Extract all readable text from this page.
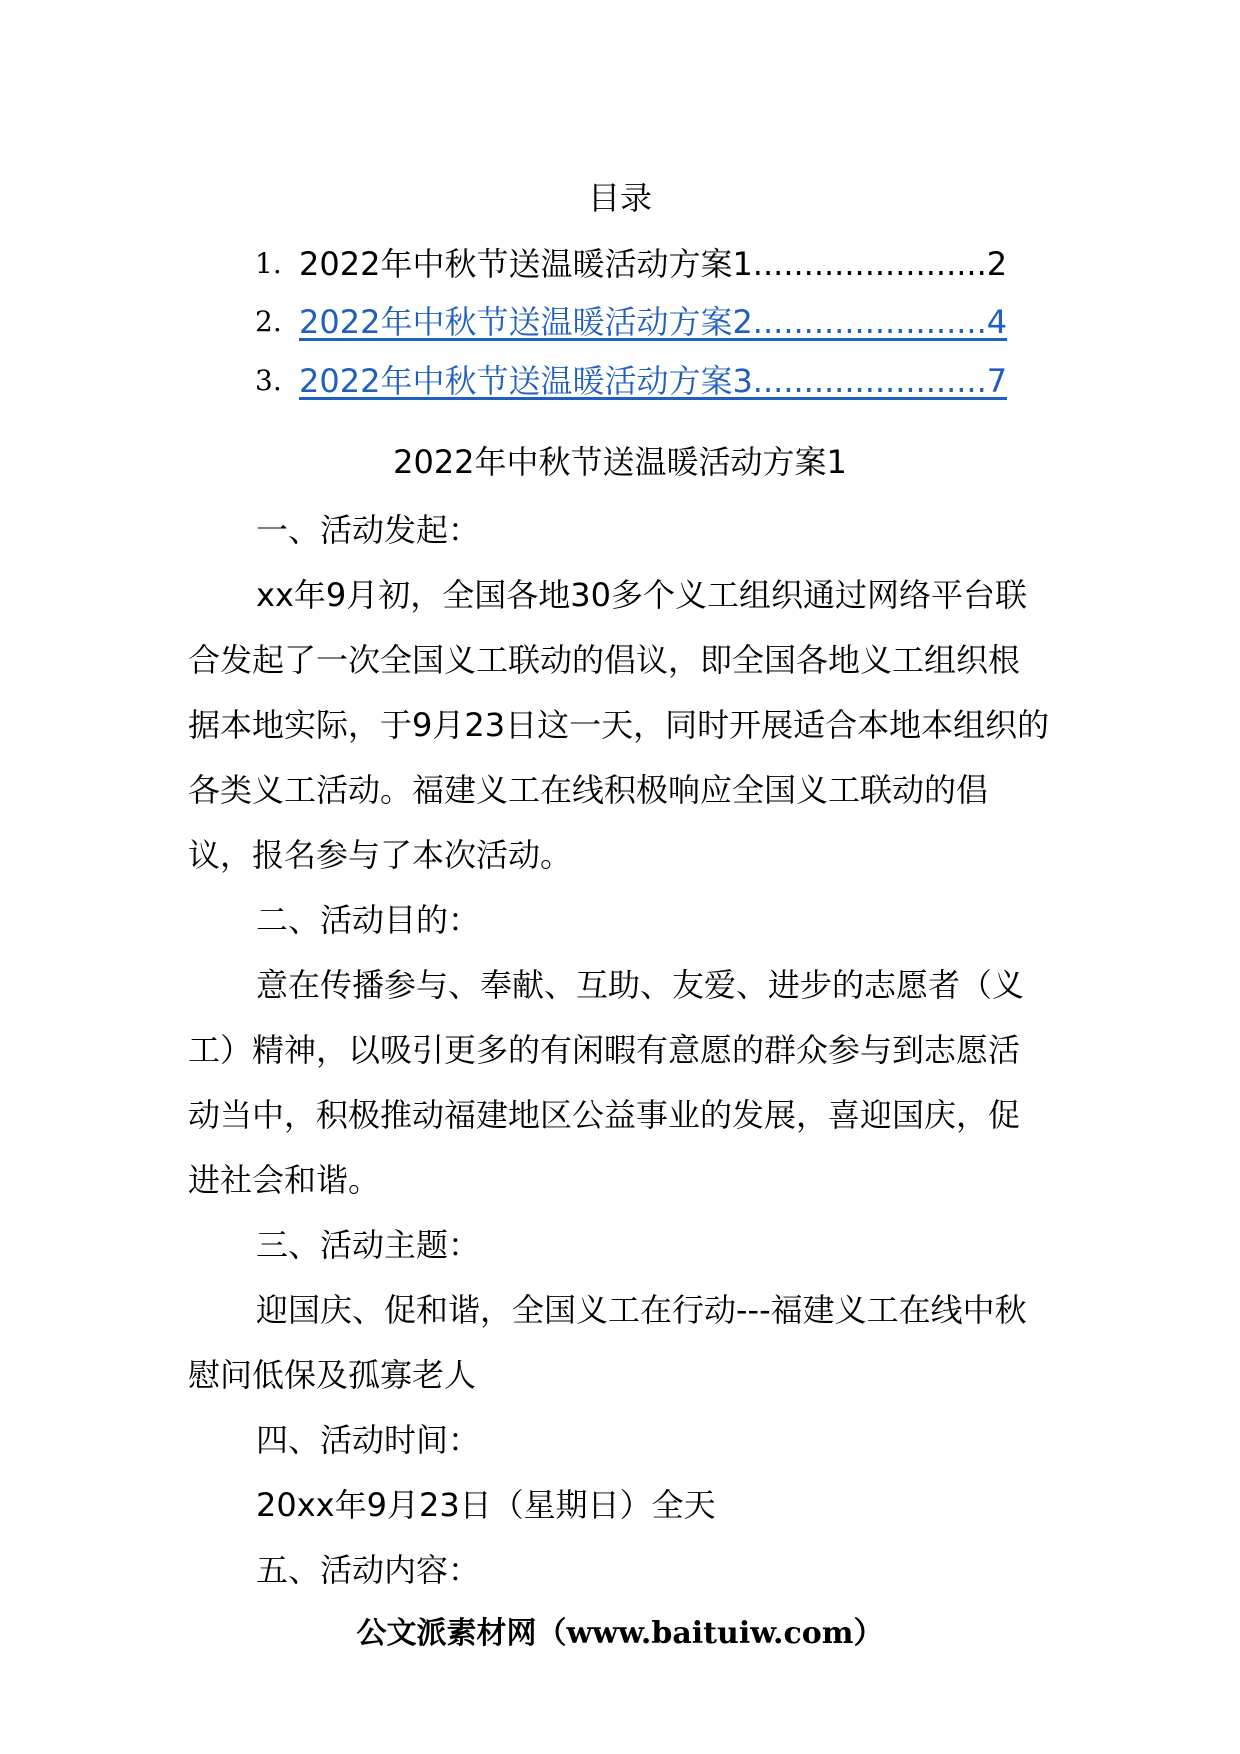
目录
1. 2022年中秋节送温暖活动方案1.......................2
2. 2022年中秋节送温暖活动方案2.......................4
3. 2022年中秋节送温暖活动方案3.......................7
2022年中秋节送温暖活动方案1
一、活动发起：
xx年9月初，全国各地30多个义工组织通过网络平台联合发起了一次全国义工联动的倡议，即全国各地义工组织根据本地实际，于9月23日这一天，同时开展适合本地本组织的各类义工活动。福建义工在线积极响应全国义工联动的倡议，报名参与了本次活动。
二、活动目的：
意在传播参与、奉献、互助、友爱、进步的志愿者（义工）精神，以吸引更多的有闲暇有意愿的群众参与到志愿活动当中，积极推动福建地区公益事业的发展，喜迎国庆，促进社会和谐。
三、活动主题：
迎国庆、促和谐，全国义工在行动---福建义工在线中秋慰问低保及孤寡老人
四、活动时间：
20xx年9月23日（星期日）全天
五、活动内容：
公文派素材网（www.baituiw.com）
